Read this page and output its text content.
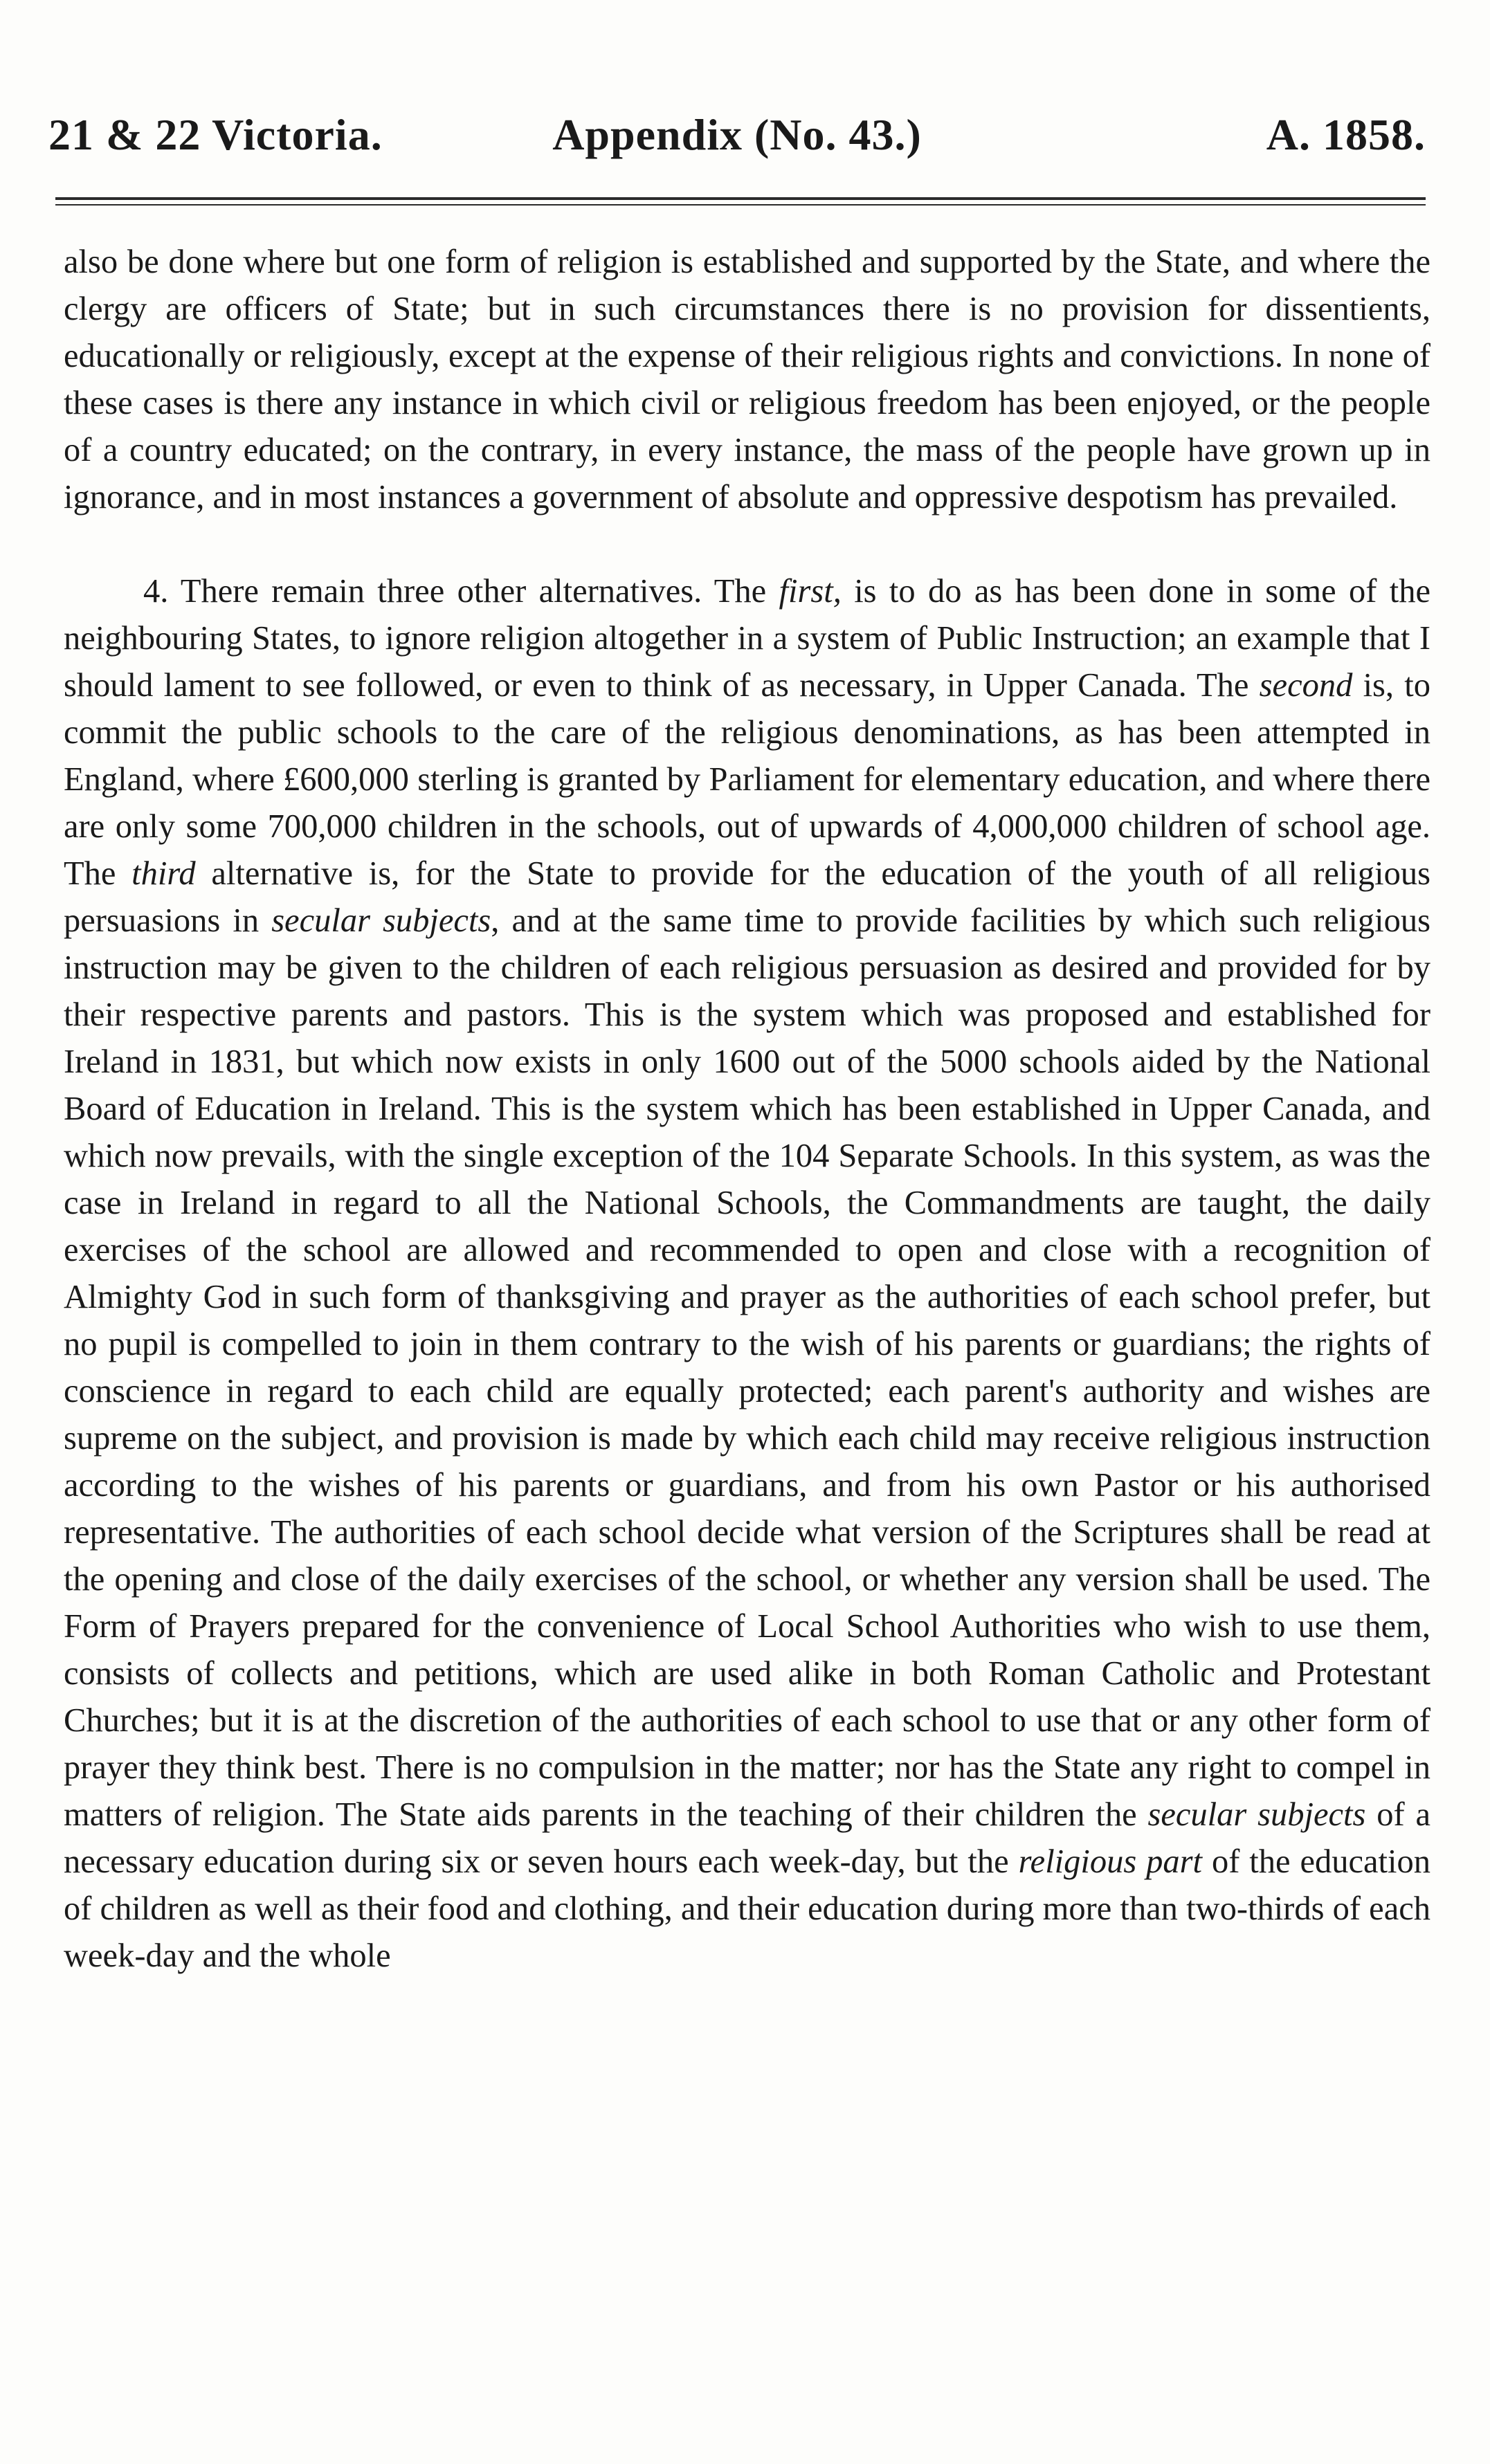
21 & 22 Victoria.	Appendix (No. 43.)	A. 1858.

also be done where but one form of religion is established and supported by the State, and where the clergy are officers of State; but in such circumstances there is no provision for dissentients, educationally or religiously, except at the expense of their religious rights and convictions. In none of these cases is there any instance in which civil or religious freedom has been enjoyed, or the people of a country educated; on the contrary, in every instance, the mass of the people have grown up in ignorance, and in most instances a government of absolute and oppressive despotism has prevailed.

4. There remain three other alternatives. The first, is to do as has been done in some of the neighbouring States, to ignore religion altogether in a system of Public Instruction; an example that I should lament to see followed, or even to think of as necessary, in Upper Canada. The second is, to commit the public schools to the care of the religious denominations, as has been attempted in England, where £600,000 sterling is granted by Parliament for elementary education, and where there are only some 700,000 children in the schools, out of upwards of 4,000,000 children of school age. The third alternative is, for the State to provide for the education of the youth of all religious persuasions in secular subjects, and at the same time to provide facilities by which such religious instruction may be given to the children of each religious persuasion as desired and provided for by their respective parents and pastors. This is the system which was proposed and established for Ireland in 1831, but which now exists in only 1600 out of the 5000 schools aided by the National Board of Education in Ireland. This is the system which has been established in Upper Canada, and which now prevails, with the single exception of the 104 Separate Schools. In this system, as was the case in Ireland in regard to all the National Schools, the Commandments are taught, the daily exercises of the school are allowed and recommended to open and close with a recognition of Almighty God in such form of thanksgiving and prayer as the authorities of each school prefer, but no pupil is compelled to join in them contrary to the wish of his parents or guardians; the rights of conscience in regard to each child are equally protected; each parent's authority and wishes are supreme on the subject, and provision is made by which each child may receive religious instruction according to the wishes of his parents or guardians, and from his own Pastor or his authorised representative. The authorities of each school decide what version of the Scriptures shall be read at the opening and close of the daily exercises of the school, or whether any version shall be used. The Form of Prayers prepared for the convenience of Local School Authorities who wish to use them, consists of collects and petitions, which are used alike in both Roman Catholic and Protestant Churches; but it is at the discretion of the authorities of each school to use that or any other form of prayer they think best. There is no compulsion in the matter; nor has the State any right to compel in matters of religion. The State aids parents in the teaching of their children the secular subjects of a necessary education during six or seven hours each week-day, but the religious part of the education of children as well as their food and clothing, and their education during more than two-thirds of each week-day and the whole
